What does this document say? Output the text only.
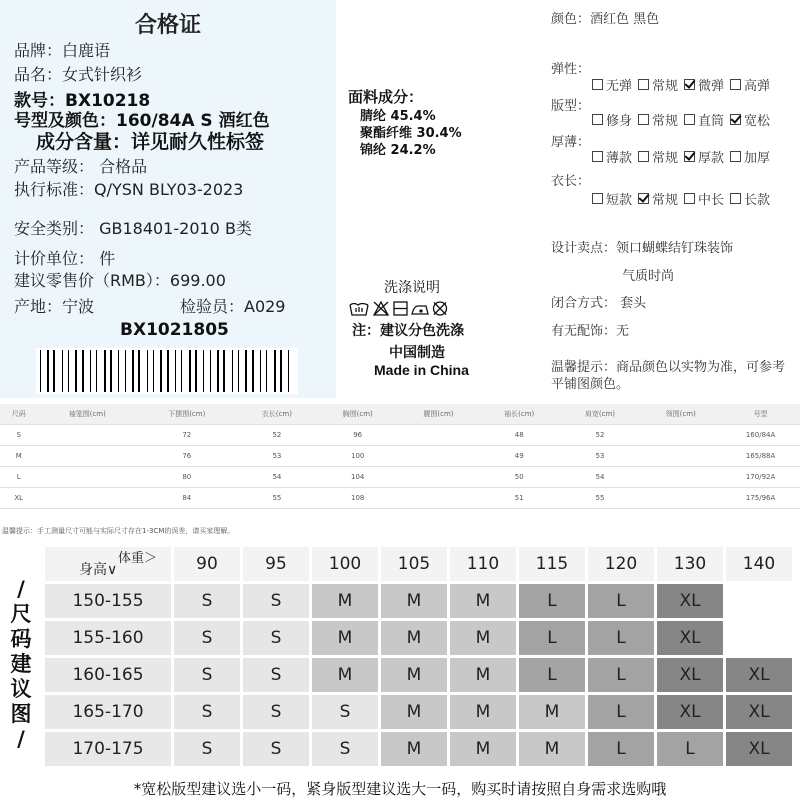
合格证
品牌：白鹿语
品名：女式针织衫
款号：BX10218
号型及颜色：160/84A S 酒红色
成分含量：详见耐久性标签
产品等级： 合格品
执行标准：Q/YSN BLY03-2023
安全类别： GB18401-2010 B类
计价单位： 件
建议零售价（RMB）：699.00
产地：宁波	检验员：A029
BX1021805
面料成分：
腈纶 45.4%
聚酯纤维 30.4%
锦纶 24.2%
洗涤说明
注：建议分色洗涤
中国制造
Made in China
颜色：酒红色 黑色
弹性：
无弹 常规 微弹 高弹
版型：
修身 常规 直筒 宽松
厚薄：
薄款 常规 厚款 加厚
衣长：
短款 常规 中长 长款
设计卖点：领口蝴蝶结钉珠装饰
气质时尚
闭合方式： 套头
有无配饰：无
温馨提示：商品颜色以实物为准，可参考平铺图颜色。
尺码	袖笼围(cm)	下摆围(cm)	衣长(cm)	胸围(cm)	腰围(cm)	袖长(cm)	肩宽(cm)	领围(cm)	号型
S		72	52	96		48	52		160/84A
M		76	53	100		49	53		165/88A
L		80	54	104		50	54		170/92A
XL		84	55	108		51	55		175/96A
温馨提示：手工测量尺寸可能与实际尺寸存在1-3CM的误差，请买家理解。
/
尺
码
建
议
图
/
体重＞
身高∨	90	95	100	105	110	115	120	130	140
150-155	S	S	M	M	M	L	L	XL	
155-160	S	S	M	M	M	L	L	XL	
160-165	S	S	M	M	M	L	L	XL	XL
165-170	S	S	S	M	M	M	L	XL	XL
170-175	S	S	S	M	M	M	L	L	XL
*宽松版型建议选小一码，紧身版型建议选大一码，购买时请按照自身需求选购哦
